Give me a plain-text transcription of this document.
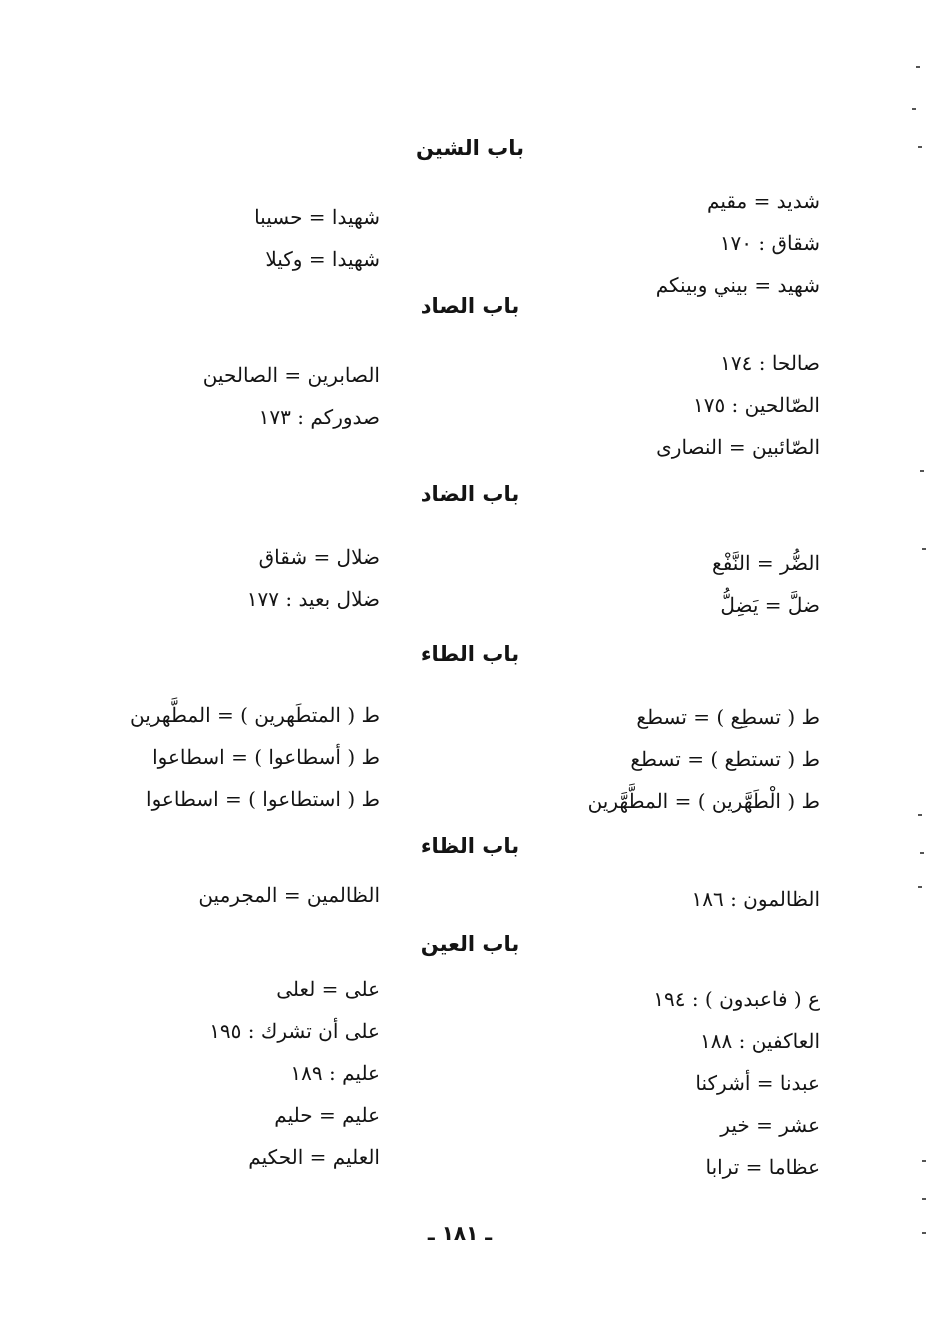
باب الشين
شديد = مقيم
شقاق : ١٧٠
شهيد = بيني وبينكم
شهيدا = حسيبا
شهيدا = وكيلا
باب الصاد
صالحا : ١٧٤
الصّالحين : ١٧٥
الصّائبين = النصارى
الصابرين = الصالحين
صدوركم : ١٧٣
باب الضاد
الضُّر = النَّفْع
ضلَّ = يَضِلُّ
ضلال = شقاق
ضلال بعيد : ١٧٧
باب الطاء
ط ( تسطِع ) = تسطع
ط ( تستطع ) = تسطع
ط ( الْطَهَّرين ) = المطَّهَّرين
ط ( المتطَهرين ) = المطَّهرين
ط ( أسطاعوا ) = اسطاعوا
ط ( استطاعوا ) = اسطاعوا
باب الظاء
الظالمون : ١٨٦
الظالمين = المجرمين
باب العين
ع ( فاعبدون ) : ١٩٤
العاكفين : ١٨٨
عبدنا = أشركنا
عشر = خير
عظاما = ترابا
على = لعلى
على أن تشرك : ١٩٥
عليم : ١٨٩
عليم = حليم
العليم = الحكيم
ـ ١٨١ ـ
